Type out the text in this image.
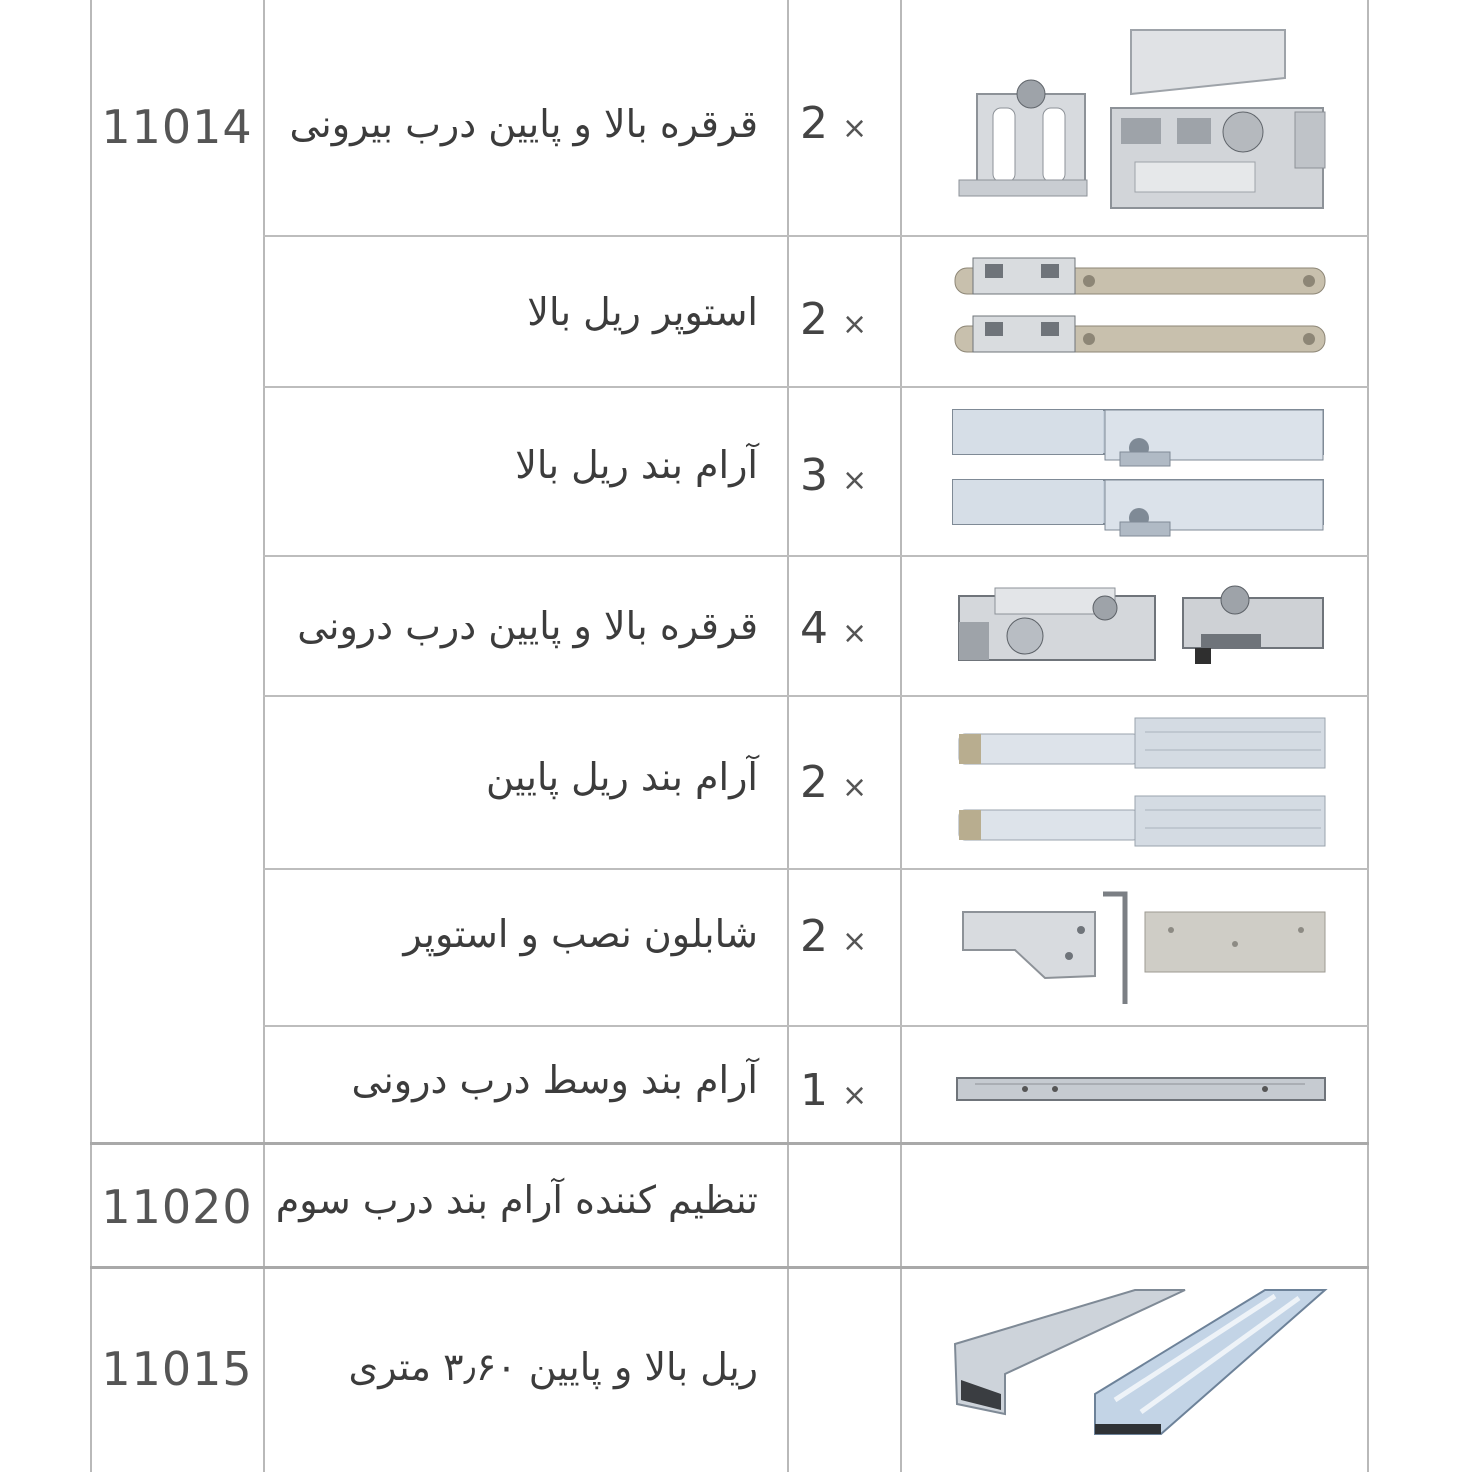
11014 قرقره بالا و پایین درب بیرونی 2 ×
استوپر ریل بالا 2 ×
آرام بند ریل بالا 3 ×
قرقره بالا و پایین درب درونی 4 ×
آرام بند ریل پایین 2 ×
شابلون نصب و استوپر 2 ×
آرام بند وسط درب درونی 1 ×
11020 تنظیم کننده آرام بند درب سوم
11015	ریل بالا و پایین ۳٫۶۰ متری
